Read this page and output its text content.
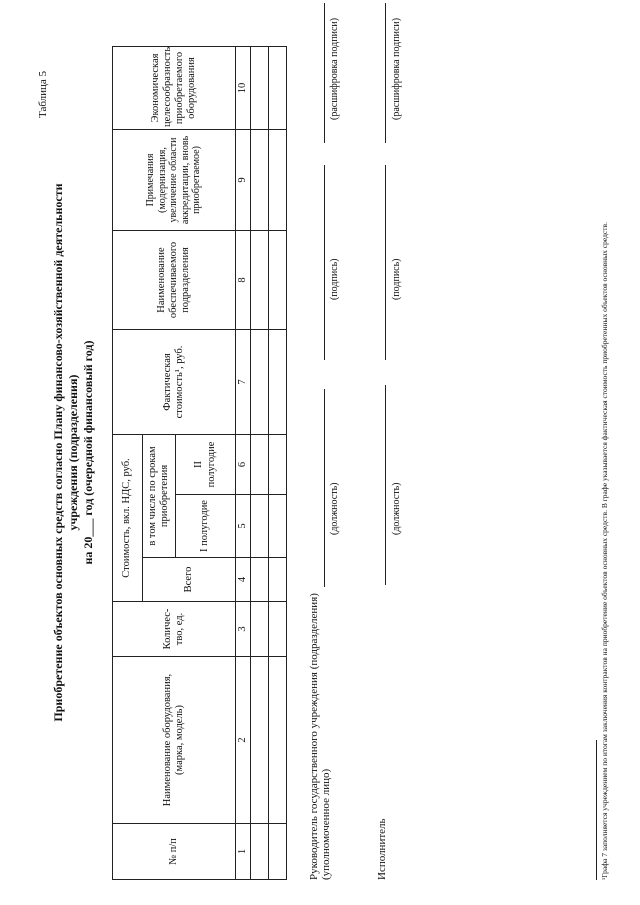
Таблица 5
Приобретение объектов основных средств согласно Плану финансово-хозяйственной деятельности учреждения (подразделения) на 20___ год (очередной финансовый год)
№ п/п	Наименование оборудования, (марка, модель)	Количес-тво, ед.	Стоимость, вкл. НДС, руб.			Фактическая стоимость¹, руб.	Наименование обеспечиваемого подразделения	Примечания (модернизация, увеличение области аккредитации, вновь приобретаемое)	Экономическая целесообразность приобретаемого оборудования
			Всего	в том числе по срокам приобретения					
				I полугодие	II полугодие				
1	2	3	4	5	6	7	8	9	10

Руководитель государственного учреждения (подразделения) (уполномоченное лицо)
(должность)
(подпись)
(расшифровка подписи)
Исполнитель
(должность)
(подпись)
(расшифровка подписи)
¹Графа 7 заполняется учреждением по итогам заключения контрактов на приобретение объектов основных средств. В графе указывается фактическая стоимость приобретенных объектов основных средств.
